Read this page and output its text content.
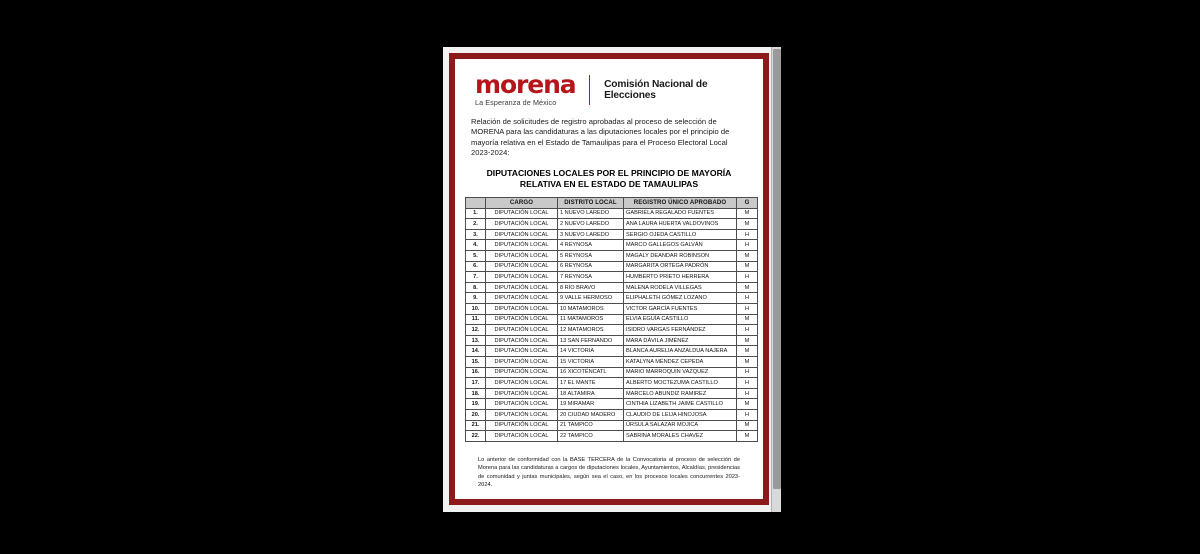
morena
La Esperanza de México
Comisión Nacional de Elecciones
Relación de solicitudes de registro aprobadas al proceso de selección de MORENA para las candidaturas a las diputaciones locales por el principio de mayoría relativa en el Estado de Tamaulipas para el Proceso Electoral Local 2023-2024:
DIPUTACIONES LOCALES POR EL PRINCIPIO DE MAYORÍA RELATIVA EN EL ESTADO DE TAMAULIPAS
	CARGO	DISTRITO LOCAL	REGISTRO ÚNICO APROBADO	G
1.	DIPUTACIÓN LOCAL	1 NUEVO LAREDO	GABRIELA REGALADO FUENTES	M
2.	DIPUTACIÓN LOCAL	2 NUEVO LAREDO	ANA LAURA HUERTA VALDOVINOS	M
3.	DIPUTACIÓN LOCAL	3 NUEVO LAREDO	SERGIO OJEDA CASTILLO	H
4.	DIPUTACIÓN LOCAL	4 REYNOSA	MARCO GALLEGOS GALVÁN	H
5.	DIPUTACIÓN LOCAL	5 REYNOSA	MAGALY DEANDAR ROBINSON	M
6.	DIPUTACIÓN LOCAL	6 REYNOSA	MARGARITA ORTEGA PADRÓN	M
7.	DIPUTACIÓN LOCAL	7 REYNOSA	HUMBERTO PRIETO HERRERA	H
8.	DIPUTACIÓN LOCAL	8 RÍO BRAVO	MALENA RODELA VILLEGAS	M
9.	DIPUTACIÓN LOCAL	9 VALLE HERMOSO	ELIPHALETH GÓMEZ LOZANO	H
10.	DIPUTACIÓN LOCAL	10 MATAMOROS	VICTOR GARCÍA FUENTES	H
11.	DIPUTACIÓN LOCAL	11 MATAMOROS	ELVIA EGUÍA CASTILLO	M
12.	DIPUTACIÓN LOCAL	12 MATAMOROS	ISIDRO VARGAS FERNÁNDEZ	H
13.	DIPUTACIÓN LOCAL	13 SAN FERNANDO	MARA DÁVILA JIMÉNEZ	M
14.	DIPUTACIÓN LOCAL	14 VICTORIA	BLANCA AURELIA ANZALDUA NAJERA	M
15.	DIPUTACIÓN LOCAL	15 VICTORIA	KATALYNA MÉNDEZ CEPEDA	M
16.	DIPUTACIÓN LOCAL	16 XICOTÉNCATL	MARIO MARROQUIN VAZQUEZ	H
17.	DIPUTACIÓN LOCAL	17 EL MANTE	ALBERTO MOCTEZUMA CASTILLO	H
18.	DIPUTACIÓN LOCAL	18 ALTAMIRA	MARCELO ABUNDIZ RAMIREZ	H
19.	DIPUTACIÓN LOCAL	19 MIRAMAR	CINTHIA LIZABETH JAIME CASTILLO	M
20.	DIPUTACIÓN LOCAL	20 CIUDAD MADERO	CLAUDIO DE LEIJA HINOJOSA	H
21.	DIPUTACIÓN LOCAL	21 TAMPICO	ÚRSULA SALAZAR MOJICA	M
22.	DIPUTACIÓN LOCAL	22 TAMPICO	SABRINA MORALES CHAVEZ	M
Lo anterior de conformidad con la BASE TERCERA de la Convocatoria al proceso de selección de Morena para las candidaturas a cargos de diputaciones locales, Ayuntamientos, Alcaldías, presidencias de comunidad y juntas municipales, según sea el caso, en los procesos locales concurrentes 2023-2024.
